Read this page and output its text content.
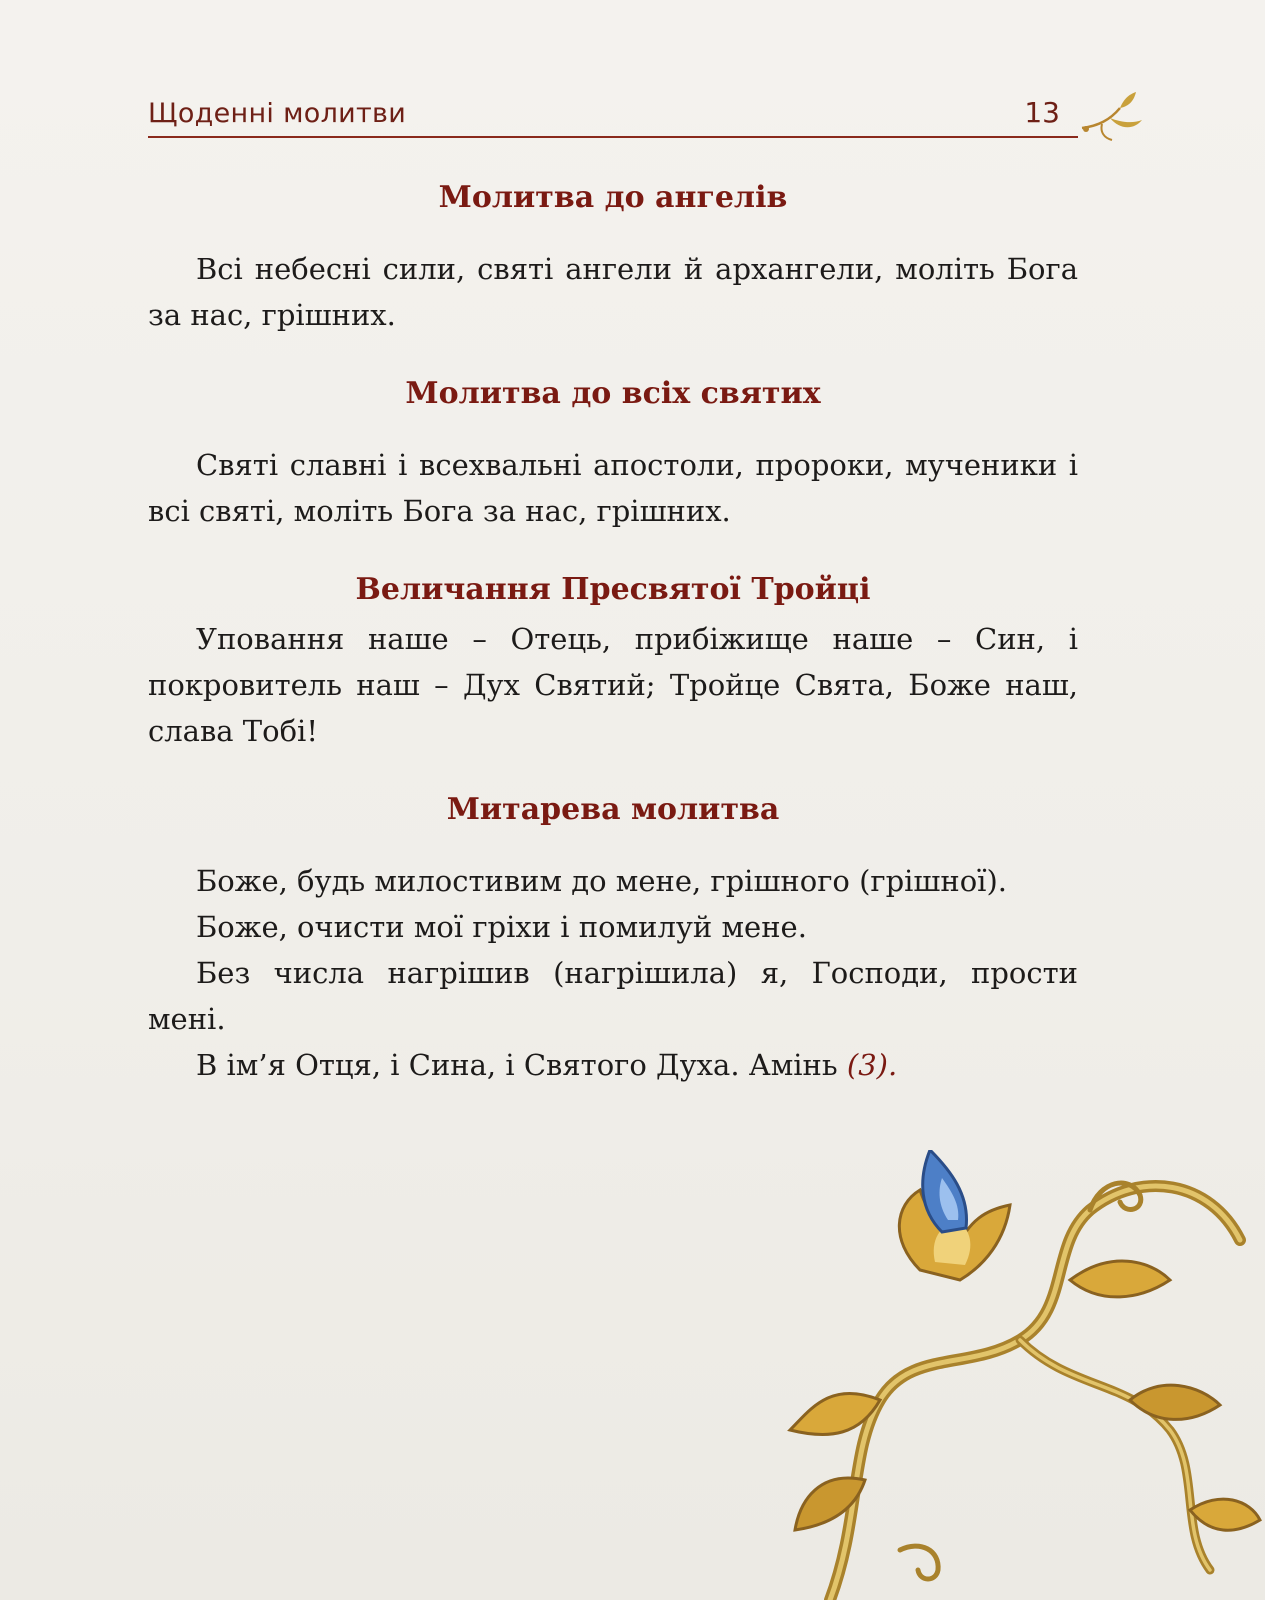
Щоденні молитви	13
Молитва до ангелів

Всі небесні сили, святі ангели й архангели, моліть Бога за нас, грішних.

Молитва до всіх святих

Святі славні і всехвальні апостоли, пророки, мученики і всі святі, моліть Бога за нас, грішних.

Величання Пресвятої Тройці

Уповання наше – Отець, прибіжище наше – Син, і покровитель наш – Дух Святий; Тройце Свята, Боже наш, слава Тобі!

Митарева молитва

Боже, будь милостивим до мене, грішного (грішної).

Боже, очисти мої гріхи і помилуй мене.

Без числа нагрішив (нагрішила) я, Господи, прости мені.

В ім’я Отця, і Сина, і Святого Духа. Амінь (3).
